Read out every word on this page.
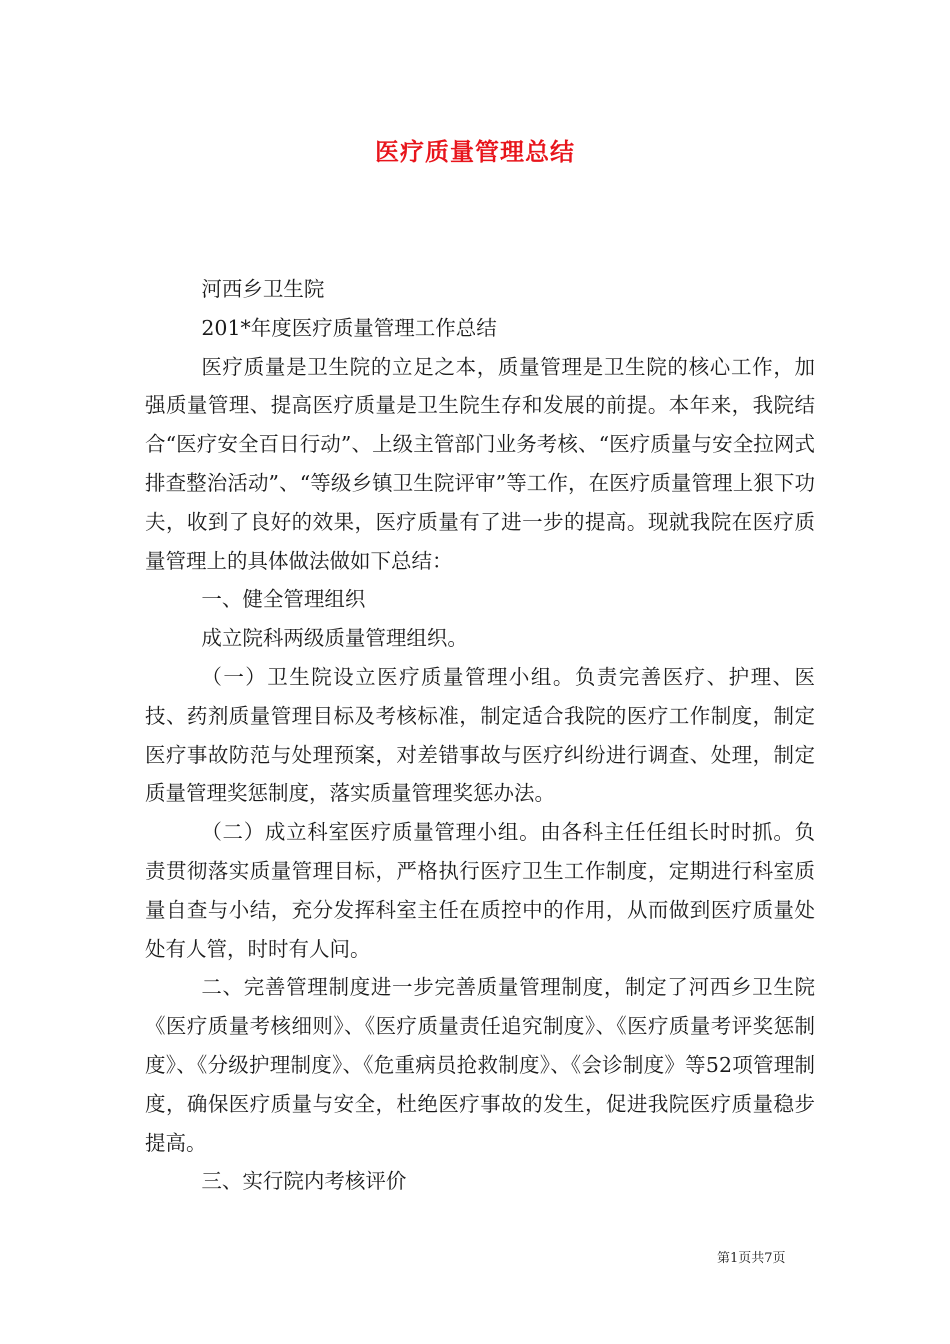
医疗质量管理总结

河西乡卫生院

201*年度医疗质量管理工作总结

医疗质量是卫生院的立足之本，质量管理是卫生院的核心工作，加强质量管理、提高医疗质量是卫生院生存和发展的前提。本年来，我院结合“医疗安全百日行动”、上级主管部门业务考核、“医疗质量与安全拉网式排查整治活动”、“等级乡镇卫生院评审”等工作，在医疗质量管理上狠下功夫，收到了良好的效果，医疗质量有了进一步的提高。现就我院在医疗质量管理上的具体做法做如下总结：

一、健全管理组织

成立院科两级质量管理组织。

（一）卫生院设立医疗质量管理小组。负责完善医疗、护理、医技、药剂质量管理目标及考核标准，制定适合我院的医疗工作制度，制定医疗事故防范与处理预案，对差错事故与医疗纠纷进行调查、处理，制定质量管理奖惩制度，落实质量管理奖惩办法。

（二）成立科室医疗质量管理小组。由各科主任任组长时时抓。负责贯彻落实质量管理目标，严格执行医疗卫生工作制度，定期进行科室质量自查与小结，充分发挥科室主任在质控中的作用，从而做到医疗质量处处有人管，时时有人问。

二、完善管理制度进一步完善质量管理制度，制定了河西乡卫生院《医疗质量考核细则》、《医疗质量责任追究制度》、《医疗质量考评奖惩制度》、《分级护理制度》、《危重病员抢救制度》、《会诊制度》等52项管理制度，确保医疗质量与安全，杜绝医疗事故的发生，促进我院医疗质量稳步提高。

三、实行院内考核评价

第1页共7页
